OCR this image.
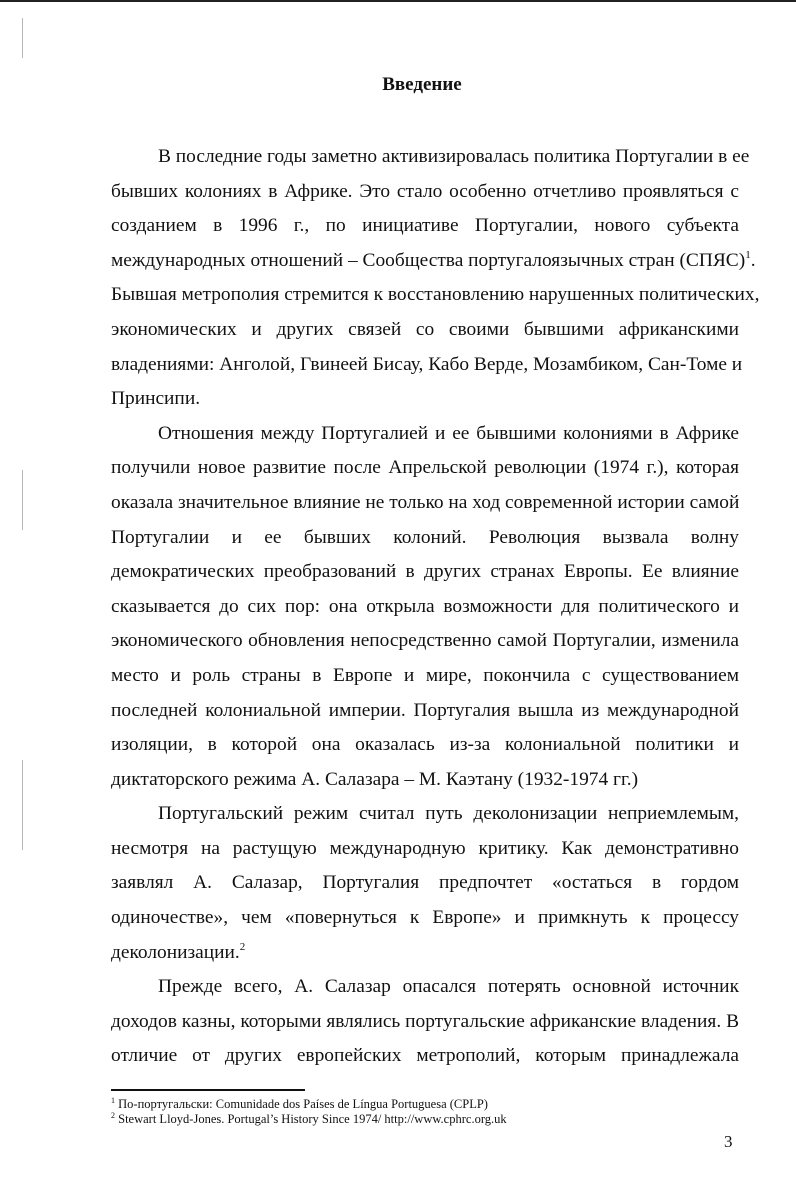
Введение
В последние годы заметно активизировалась политика Португалии в ее
бывших колониях в Африке. Это стало особенно отчетливо проявляться с
созданием в 1996 г., по инициативе Португалии, нового субъекта
международных отношений – Сообщества португалоязычных стран (СПЯС)$^1$.
Бывшая метрополия стремится к восстановлению нарушенных политических,
экономических и других связей со своими бывшими африканскими
владениями: Анголой, Гвинеей Бисау, Кабо Верде, Мозамбиком, Сан-Томе и
Принсипи.
Отношения между Португалией и ее бывшими колониями в Африке
получили новое развитие после Апрельской революции (1974 г.), которая
оказала значительное влияние не только на ход современной истории самой
Португалии и ее бывших колоний. Революция вызвала волну
демократических преобразований в других странах Европы. Ее влияние
сказывается до сих пор: она открыла возможности для политического и
экономического обновления непосредственно самой Португалии, изменила
место и роль страны в Европе и мире, покончила с существованием
последней колониальной империи. Португалия вышла из международной
изоляции, в которой она оказалась из-за колониальной политики и
диктаторского режима А. Салазара – М. Каэтану (1932-1974 гг.)
Португальский режим считал путь деколонизации неприемлемым,
несмотря на растущую международную критику. Как демонстративно
заявлял А. Салазар, Португалия предпочтет «остаться в гордом
одиночестве», чем «повернуться к Европе» и примкнуть к процессу
деколонизации.$^2$
Прежде всего, А. Салазар опасался потерять основной источник
доходов казны, которыми являлись португальские африканские владения. В
отличие от других европейских метрополий, которым принадлежала
$^1$ По-португальски: Comunidade dos Países de Língua Portuguesa (CPLP)
$^2$ Stewart Lloyd-Jones. Portugal’s History Since 1974/ http://www.cphrc.org.uk
3
